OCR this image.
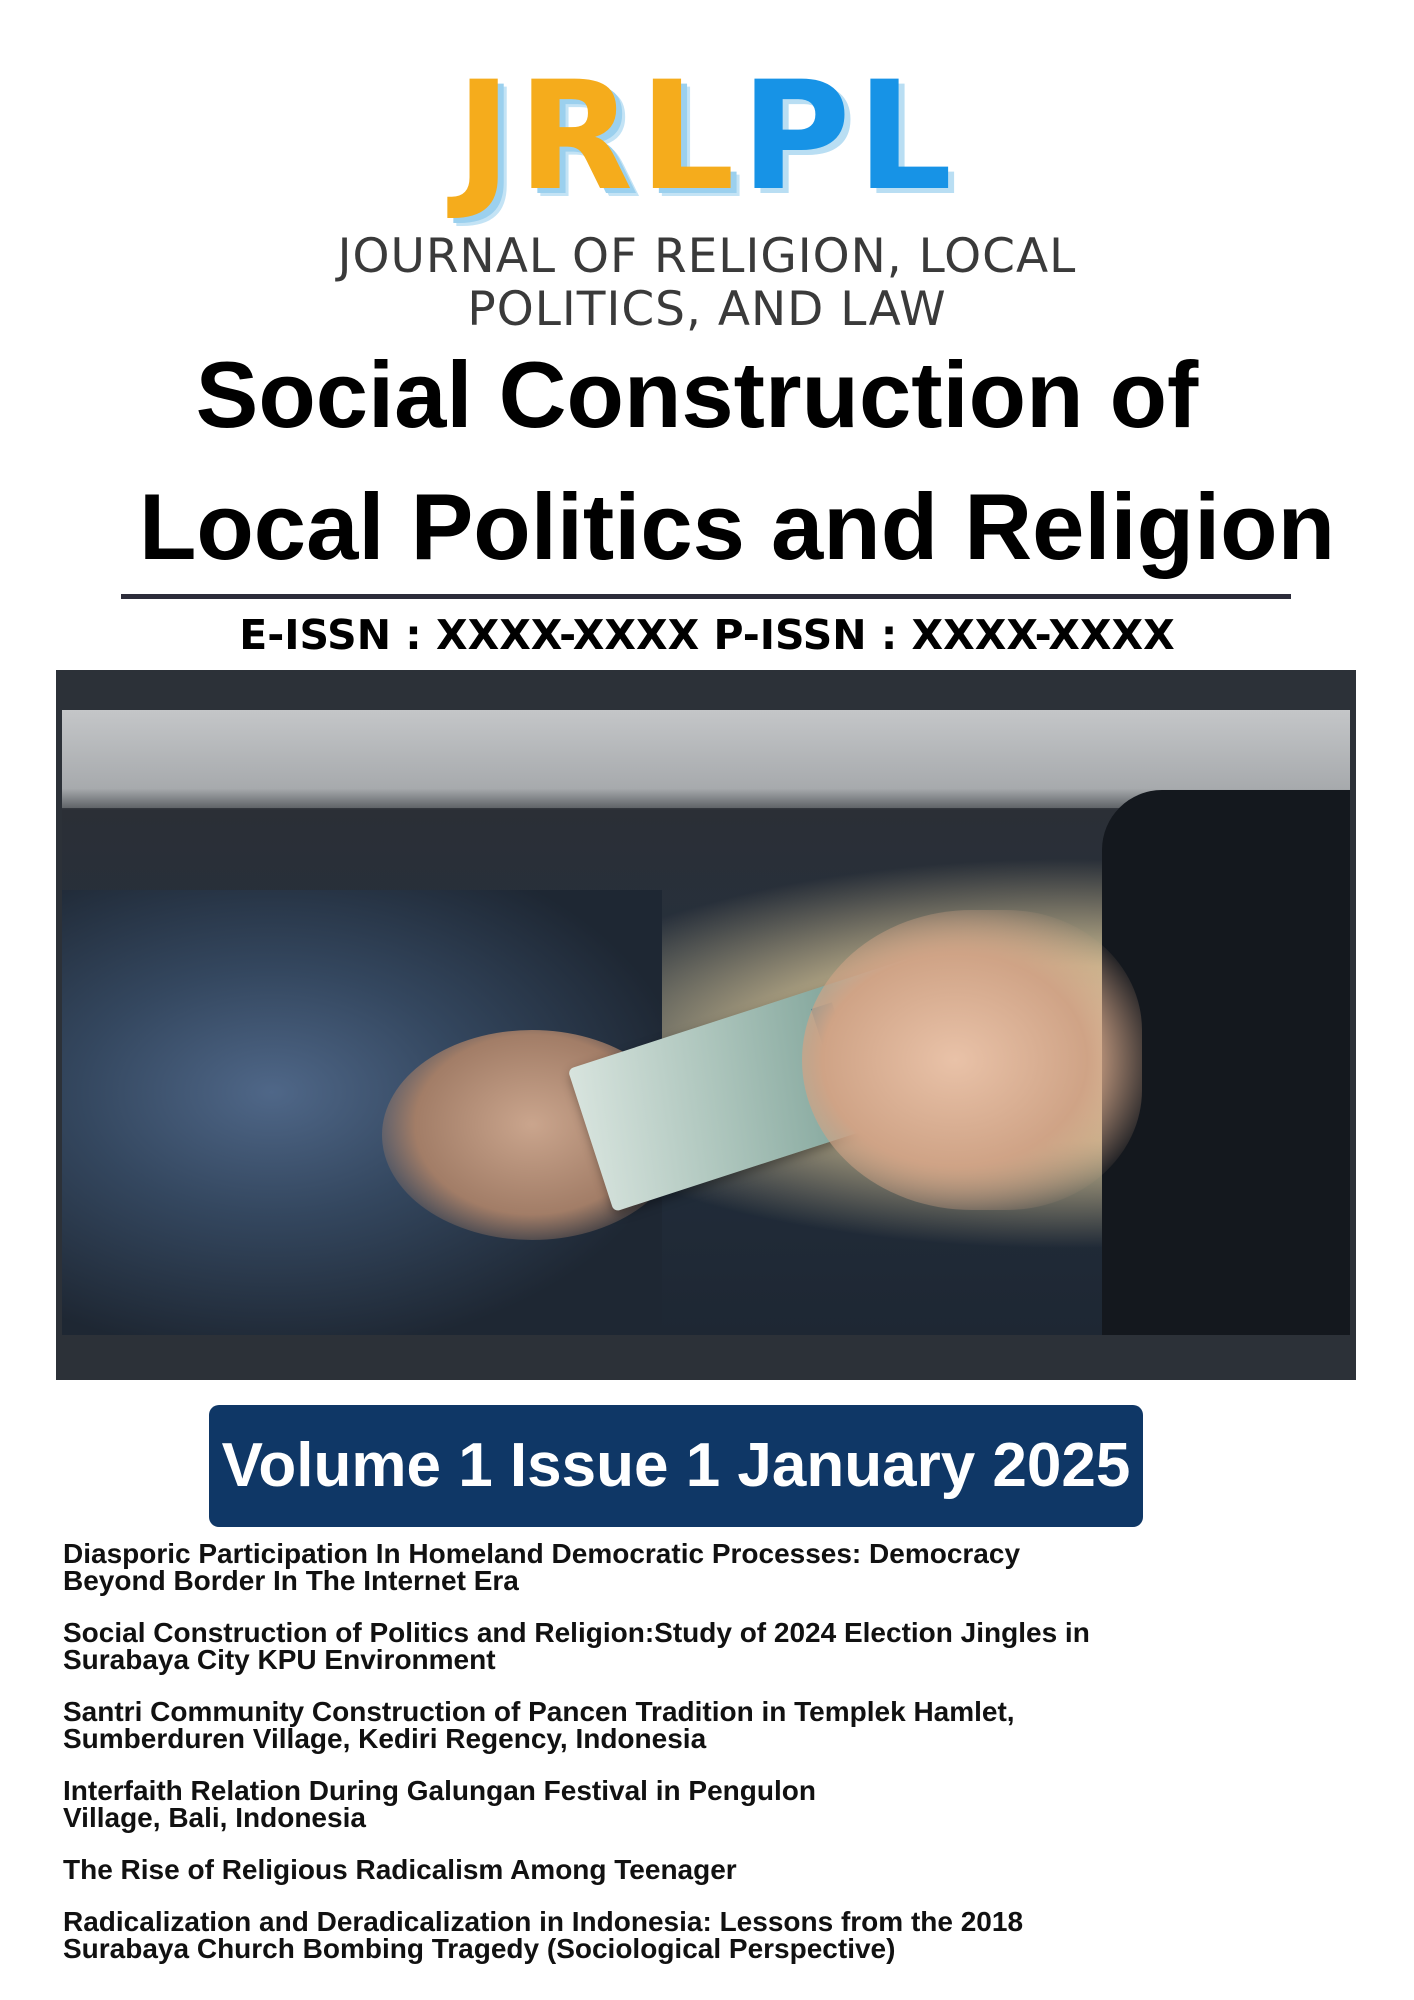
JRLPL
JOURNAL OF RELIGION, LOCAL
POLITICS, AND LAW
Social Construction of
Local Politics and Religion
E-ISSN : XXXX-XXXX P-ISSN : XXXX-XXXX
Volume 1 Issue 1 January 2025
Diasporic Participation In Homeland Democratic Processes: Democracy
Beyond Border In The Internet Era
Social Construction of Politics and Religion:Study of 2024 Election Jingles in
Surabaya City KPU Environment
Santri Community Construction of Pancen Tradition in Templek Hamlet,
Sumberduren Village, Kediri Regency, Indonesia
Interfaith Relation During Galungan Festival in Pengulon
Village, Bali, Indonesia
The Rise of Religious Radicalism Among Teenager
Radicalization and Deradicalization in Indonesia: Lessons from the 2018
Surabaya Church Bombing Tragedy (Sociological Perspective)
